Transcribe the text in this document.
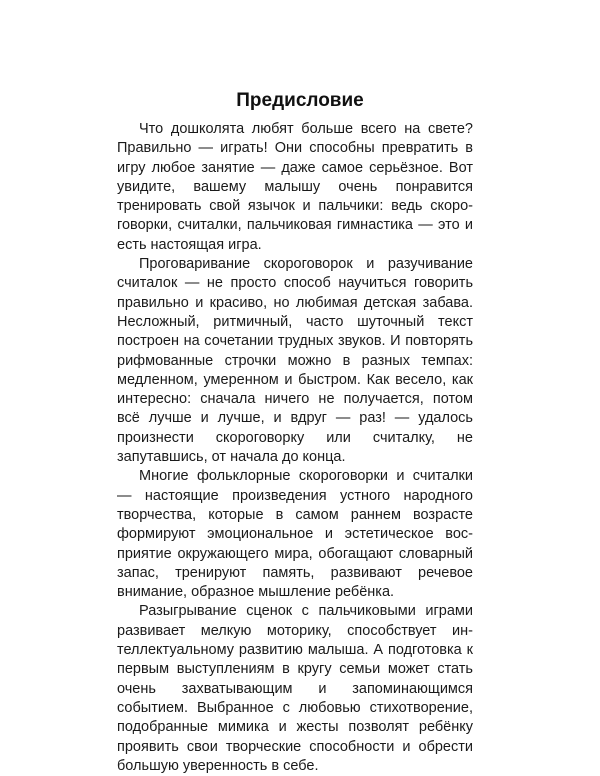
Предисловие

Что дошколята любят больше всего на свете? Правильно — играть! Они способны превратить в игру любое занятие — даже самое серьёзное. Вот увидите, вашему малышу очень понравится тренировать свой язычок и пальчики: ведь скороговорки, считалки, пальчиковая гимнастика — это и есть настоящая игра.

Проговаривание скороговорок и разучивание считалок — не просто способ научиться говорить правильно и красиво, но любимая детская забава. Несложный, ритмичный, часто шуточный текст построен на сочетании трудных звуков. И повторять рифмованные строчки можно в разных темпах: медленном, умеренном и быстром. Как весело, как интересно: сначала ничего не получается, потом всё лучше и лучше, и вдруг — раз! — удалось произнести скороговорку или считалку, не запутавшись, от начала до конца.

Многие фольклорные скороговорки и считалки — настоящие произведения устного народного творчества, которые в самом раннем возрасте формируют эмоциональное и эстетическое восприятие окружающего мира, обогащают словарный запас, тренируют память, развивают речевое внимание, образное мышление ребёнка.

Разыгрывание сценок с пальчиковыми играми развивает мелкую моторику, способствует интеллектуальному развитию малыша. А подготовка к первым выступлениям в кругу семьи может стать очень захватывающим и запоминающимся событием. Выбранное с любовью стихотворение, подобранные мимика и жесты позволят ребёнку проявить свои творческие способности и обрести большую уверенность в себе.
